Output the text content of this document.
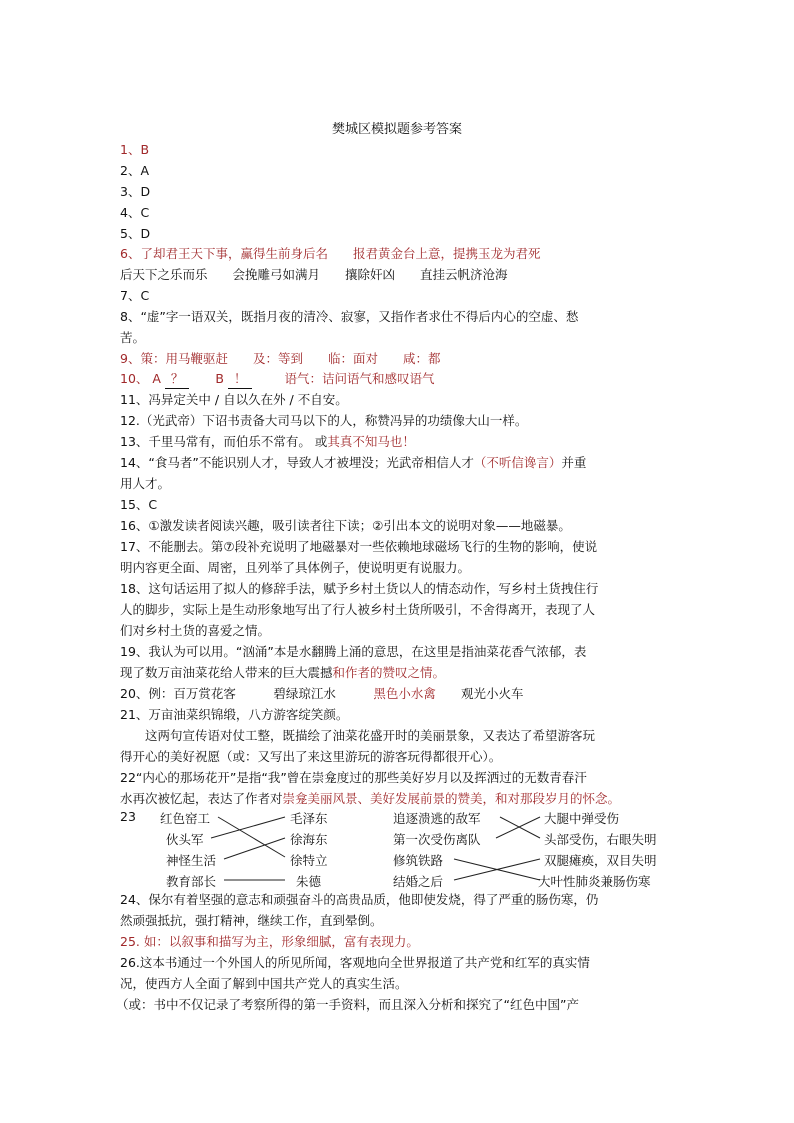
樊城区模拟题参考答案
1、B
2、A
3、D
4、C
5、D
6、了却君王天下事，赢得生前身后名　　报君黄金台上意，提携玉龙为君死
后天下之乐而乐　　会挽雕弓如满月　　攘除奸凶　　直挂云帆济沧海
7、C
8、“虚”字一语双关，既指月夜的清冷、寂寥，又指作者求仕不得后内心的空虚、愁
苦。
9、策：用马鞭驱赶　　及：等到　　临：面对　　咸：都
10、 A ？	B ！	语气：诘问语气和感叹语气
11、冯异定关中 / 自以久在外 / 不自安。
12.（光武帝）下诏书责备大司马以下的人，称赞冯异的功绩像大山一样。
13、千里马常有，而伯乐不常有。 或其真不知马也！
14、“食马者”不能识别人才，导致人才被埋没；光武帝相信人才（不听信谗言）并重
用人才。
15、C
16、①激发读者阅读兴趣，吸引读者往下读；②引出本文的说明对象——地磁暴。
17、不能删去。第⑦段补充说明了地磁暴对一些依赖地球磁场飞行的生物的影响，使说
明内容更全面、周密，且列举了具体例子，使说明更有说服力。
18、这句话运用了拟人的修辞手法，赋予乡村土货以人的情态动作，写乡村土货拽住行
人的脚步，实际上是生动形象地写出了行人被乡村土货所吸引，不舍得离开，表现了人
们对乡村土货的喜爱之情。
19、我认为可以用。“汹涌”本是水翻腾上涌的意思，在这里是指油菜花香气浓郁，表
现了数万亩油菜花给人带来的巨大震撼和作者的赞叹之情。
20、例：百万赏花客　　　碧绿琼江水　　　黑色小水禽　　观光小火车
21、万亩油菜织锦缎，八方游客绽笑颜。
　　这两句宣传语对仗工整，既描绘了油菜花盛开时的美丽景象，又表达了希望游客玩
得开心的美好祝愿（或：又写出了来这里游玩的游客玩得都很开心）。
22“内心的那场花开”是指“我”曾在崇龛度过的那些美好岁月以及挥洒过的无数青春汗
水再次被忆起，表达了作者对崇龛美丽风景、美好发展前景的赞美，和对那段岁月的怀念。
23 红色窑工
伙头军
神怪生活
教育部长
毛泽东
徐海东
徐特立
朱德
追逐溃逃的敌军
第一次受伤离队
修筑铁路
结婚之后
大腿中弹受伤
头部受伤，右眼失明
双腿瘫痪，双目失明
大叶性肺炎兼肠伤寒
24、保尔有着坚强的意志和顽强奋斗的高贵品质，他即使发烧，得了严重的肠伤寒，仍
然顽强抵抗，强打精神，继续工作，直到晕倒。
25. 如：以叙事和描写为主，形象细腻，富有表现力。
26.这本书通过一个外国人的所见所闻，客观地向全世界报道了共产党和红军的真实情
况，使西方人全面了解到中国共产党人的真实生活。
（或：书中不仅记录了考察所得的第一手资料，而且深入分析和探究了“红色中国”产
